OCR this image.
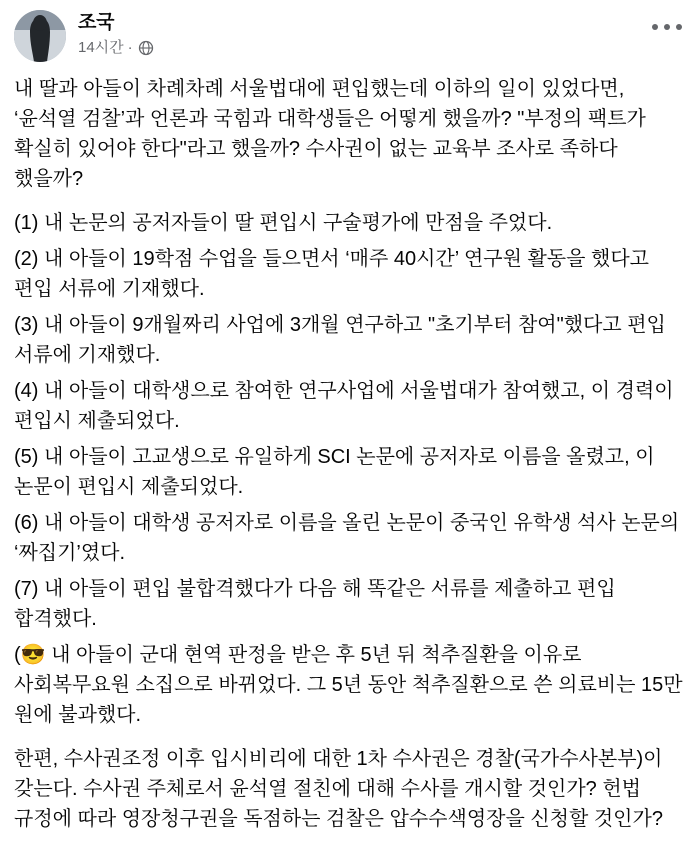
조국
14시간 ·

내 딸과 아들이 차례차례 서울법대에 편입했는데 이하의 일이 있었다면, ‘윤석열 검찰’과 언론과 국힘과 대학생들은 어떻게 했을까? "부정의 팩트가 확실히 있어야 한다"라고 했을까? 수사권이 없는 교육부 조사로 족하다 했을까?

(1) 내 논문의 공저자들이 딸 편입시 구술평가에 만점을 주었다.

(2) 내 아들이 19학점 수업을 들으면서 ‘매주 40시간’ 연구원 활동을 했다고 편입 서류에 기재했다.

(3) 내 아들이 9개월짜리 사업에 3개월 연구하고 "초기부터 참여"했다고 편입 서류에 기재했다.

(4) 내 아들이 대학생으로 참여한 연구사업에 서울법대가 참여했고, 이 경력이 편입시 제출되었다.

(5) 내 아들이 고교생으로 유일하게 SCI 논문에 공저자로 이름을 올렸고, 이 논문이 편입시 제출되었다.

(6) 내 아들이 대학생 공저자로 이름을 올린 논문이 중국인 유학생 석사 논문의 ‘짜집기’였다.

(7) 내 아들이 편입 불합격했다가 다음 해 똑같은 서류를 제출하고 편입 합격했다.

(😎 내 아들이 군대 현역 판정을 받은 후 5년 뒤 척추질환을 이유로 사회복무요원 소집으로 바뀌었다. 그 5년 동안 척추질환으로 쓴 의료비는 15만 원에 불과했다.

한편, 수사권조정 이후 입시비리에 대한 1차 수사권은 경찰(국가수사본부)이 갖는다. 수사권 주체로서 윤석열 절친에 대해 수사를 개시할 것인가? 헌법 규정에 따라 영장청구권을 독점하는 검찰은 압수수색영장을 신청할 것인가?
